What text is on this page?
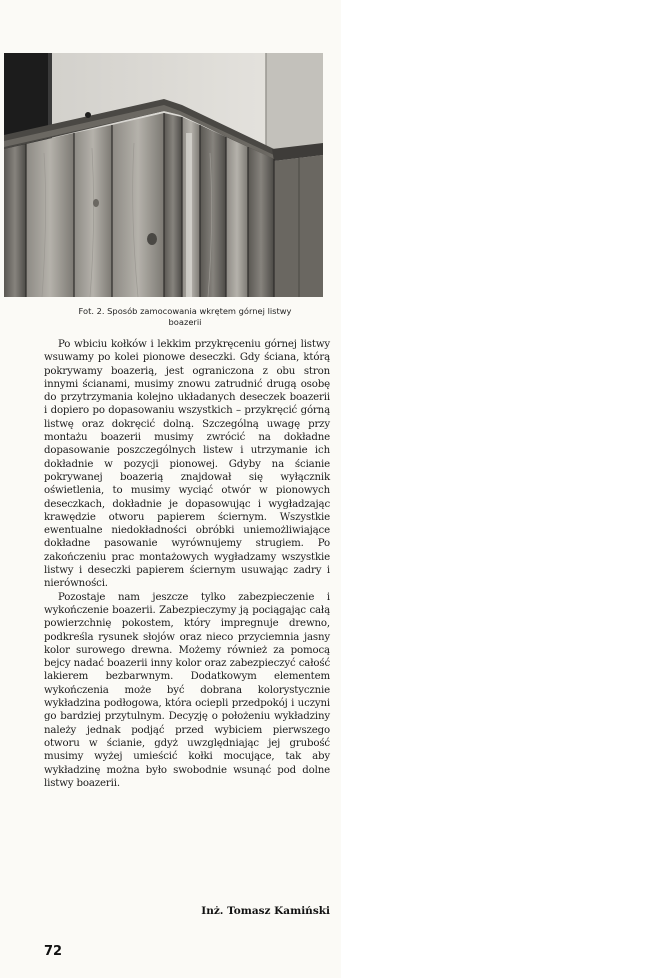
Fot. 2. Sposób zamocowania wkrętem górnej listwy
boazerii

Po wbiciu kołków i lekkim przykręceniu górnej listwy wsuwamy po kolei pionowe deseczki. Gdy ściana, którą pokrywamy boazerią, jest ograniczona z obu stron innymi ścianami, musimy znowu zatrudnić drugą osobę do przytrzymania kolejno układanych deseczek boazerii i dopiero po dopasowaniu wszystkich – przykręcić górną listwę oraz dokręcić dolną. Szczególną uwagę przy montażu boazerii musimy zwrócić na dokładne dopasowanie poszczególnych listew i utrzymanie ich dokładnie w pozycji pionowej. Gdyby na ścianie pokrywanej boazerią znajdował się wyłącznik oświetlenia, to musimy wyciąć otwór w pionowych deseczkach, dokładnie je dopasowując i wygładzając krawędzie otworu papierem ściernym. Wszystkie ewentualne niedokładności obróbki uniemożliwiające dokładne pasowanie wyrównujemy strugiem. Po zakończeniu prac montażowych wygładzamy wszystkie listwy i deseczki papierem ściernym usuwając zadry i nierówności.

Pozostaje nam jeszcze tylko zabezpieczenie i wykończenie boazerii. Zabezpieczymy ją pociągając całą powierzchnię pokostem, który impregnuje drewno, podkreśla rysunek słojów oraz nieco przyciemnia jasny kolor surowego drewna. Możemy również za pomocą bejcy nadać boazerii inny kolor oraz zabezpieczyć całość lakierem bezbarwnym. Dodatkowym elementem wykończenia może być dobrana kolorystycznie wykładzina podłogowa, która ociepli przedpokój i uczyni go bardziej przytulnym. Decyzję o położeniu wykładziny należy jednak podjąć przed wybiciem pierwszego otworu w ścianie, gdyż uwzględniając jej grubość musimy wyżej umieścić kołki mocujące, tak aby wykładzinę można było swobodnie wsunąć pod dolne listwy boazerii.

Inż. Tomasz Kamiński
72
